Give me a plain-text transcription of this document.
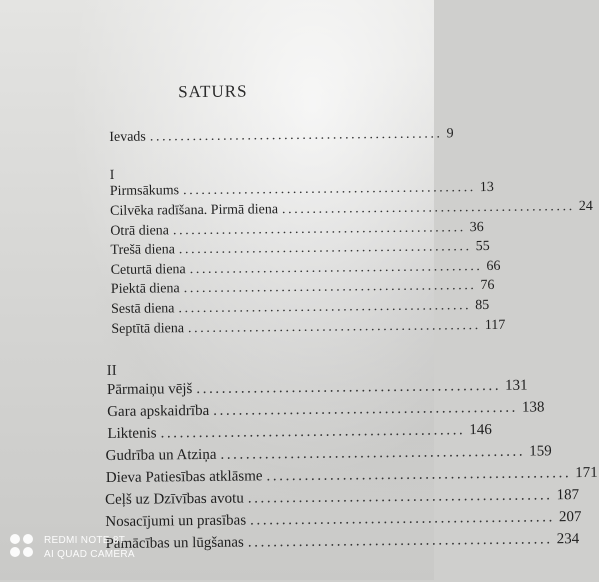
SATURS
Ievads ................................................ 9
I
Pirmsākums ................................................ 13
Cilvēka radīšana. Pirmā diena ................................................ 24
Otrā diena ................................................ 36
Trešā diena ................................................ 55
Ceturtā diena ................................................ 66
Piektā diena ................................................ 76
Sestā diena ................................................ 85
Septītā diena ................................................ 117
II
Pārmaiņu vējš ................................................ 131
Gara apskaidrība ................................................ 138
Liktenis ................................................ 146
Gudrība un Atziņa ................................................ 159
Dieva Patiesības atklāsme ................................................ 171
Ceļš uz Dzīvības avotu ................................................ 187
Nosacījumi un prasības ................................................ 207
Pamācības un lūgšanas ................................................ 234
REDMI NOTE 8T
AI QUAD CAMERA
